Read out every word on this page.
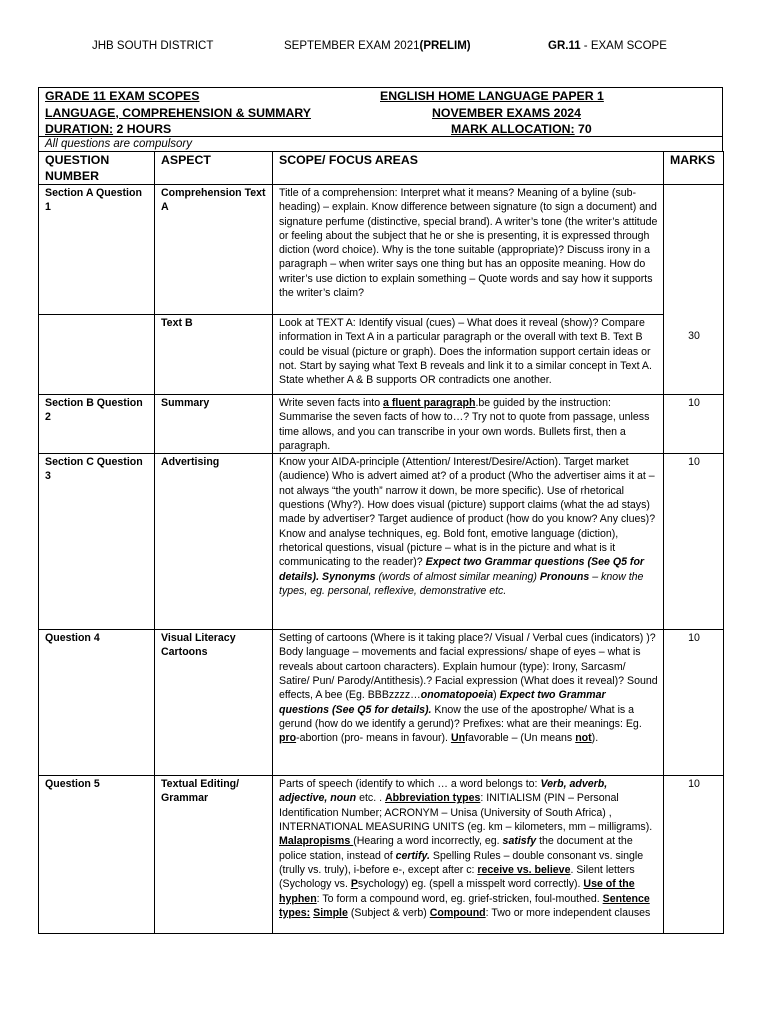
JHB SOUTH DISTRICT	SEPTEMBER EXAM 2021(PRELIM)	GR.11 - EXAM SCOPE
GRADE 11 EXAM SCOPES	ENGLISH HOME LANGUAGE PAPER 1
LANGUAGE, COMPREHENSION & SUMMARY	NOVEMBER EXAMS 2024
DURATION: 2 HOURS	MARK ALLOCATION: 70
All questions are compulsory
QUESTION NUMBER	ASPECT	SCOPE/ FOCUS AREAS	MARKS
Section A Question 1	Comprehension Text A	Title of a comprehension: Interpret what it means? Meaning of a byline (sub-heading) – explain. Know difference between signature (to sign a document) and signature perfume (distinctive, special brand). A writer’s tone (the writer’s attitude or feeling about the subject that he or she is presenting, it is expressed through diction (word choice). Why is the tone suitable (appropriate)? Discuss irony in a paragraph – when writer says one thing but has an opposite meaning. How do writer’s use diction to explain something – Quote words and say how it supports the writer’s claim?	
	Text B	Look at TEXT A: Identify visual (cues) – What does it reveal (show)? Compare information in Text A in a particular paragraph or the overall with text B. Text B could be visual (picture or graph). Does the information support certain ideas or not. Start by saying what Text B reveals and link it to a similar concept in Text A. State whether A & B supports OR contradicts one another.	30
Section B Question 2	Summary	Write seven facts into a fluent paragraph.be guided by the instruction: Summarise the seven facts of how to…? Try not to quote from passage, unless time allows, and you can transcribe in your own words. Bullets first, then a paragraph.	10
Section C Question 3	Advertising	Know your AIDA-principle (Attention/ Interest/Desire/Action). Target market (audience) Who is advert aimed at? of a product (Who the advertiser aims it at – not always “the youth” narrow it down, be more specific). Use of rhetorical questions (Why?). How does visual (picture) support claims (what the ad stays) made by advertiser? Target audience of product (how do you know? Any clues)? Know and analyse techniques, eg. Bold font, emotive language (diction), rhetorical questions, visual (picture – what is in the picture and what is it communicating to the reader)? Expect two Grammar questions (See Q5 for details). Synonyms (words of almost similar meaning) Pronouns – know the types, eg. personal, reflexive, demonstrative etc.	10
Question 4	Visual Literacy Cartoons	Setting of cartoons (Where is it taking place?/ Visual / Verbal cues (indicators) )? Body language – movements and facial expressions/ shape of eyes – what is reveals about cartoon characters). Explain humour (type): Irony, Sarcasm/ Satire/ Pun/ Parody/Antithesis).? Facial expression (What does it reveal)? Sound effects, A bee (Eg. BBBzzzz…onomatopoeia) Expect two Grammar questions (See Q5 for details). Know the use of the apostrophe/ What is a gerund (how do we identify a gerund)? Prefixes: what are their meanings: Eg. pro-abortion (pro- means in favour). Unfavorable – (Un means not).	10
Question 5	Textual Editing/ Grammar	Parts of speech (identify to which … a word belongs to: Verb, adverb, adjective, noun etc. . Abbreviation types: INITIALISM (PIN – Personal Identification Number; ACRONYM – Unisa (University of South Africa) , INTERNATIONAL MEASURING UNITS (eg. km – kilometers, mm – milligrams). Malapropisms (Hearing a word incorrectly, eg. satisfy the document at the police station, instead of certify. Spelling Rules – double consonant vs. single (trully vs. truly), i-before e-, except after c: receive vs. believe. Silent letters (Sychology vs. Psychology) eg. (spell a misspelt word correctly). Use of the hyphen: To form a compound word, eg. grief-stricken, foul-mouthed. Sentence types: Simple (Subject & verb) Compound: Two or more independent clauses	10
